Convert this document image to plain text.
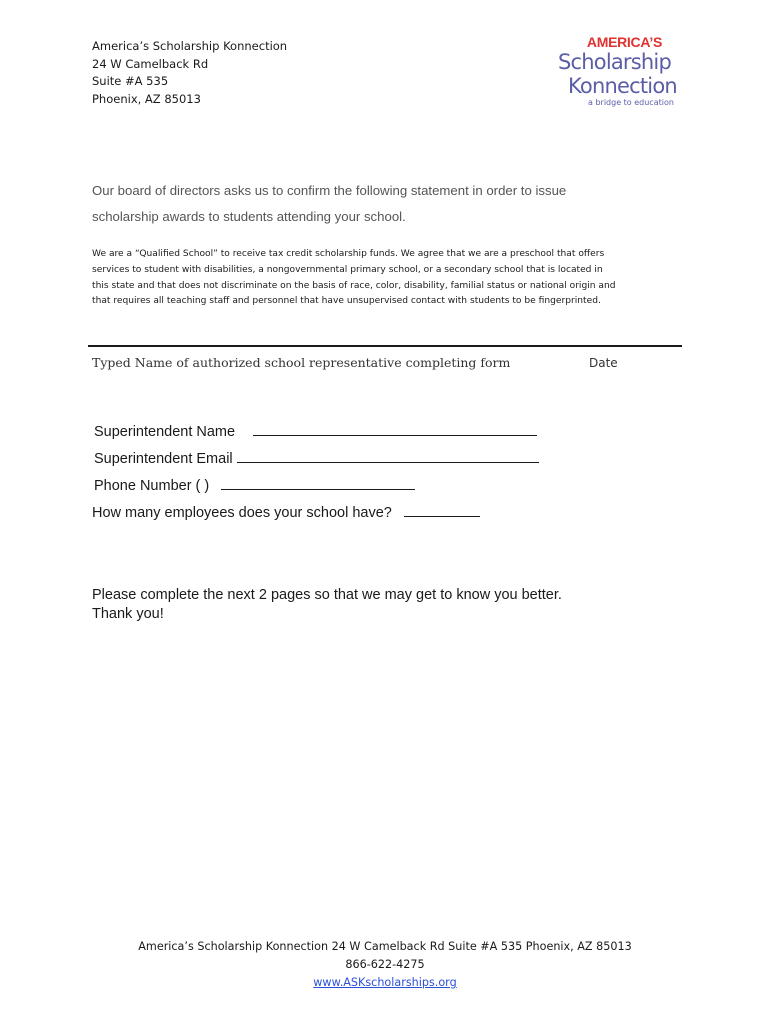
America’s Scholarship Konnection
24 W Camelback Rd
Suite #A 535
Phoenix, AZ 85013
AMERICA’S
Scholarship
Konnection
a bridge to education
Our board of directors asks us to confirm the following statement in order to issue
scholarship awards to students attending your school.
We are a “Qualified School” to receive tax credit scholarship funds. We agree that we are a preschool that offers
services to student with disabilities, a nongovernmental primary school, or a secondary school that is located in
this state and that does not discriminate on the basis of race, color, disability, familial status or national origin and
that requires all teaching staff and personnel that have unsupervised contact with students to be fingerprinted.
Typed Name of authorized school representative completing form	Date
Superintendent Name
Superintendent Email
Phone Number ( )
How many employees does your school have?
Please complete the next 2 pages so that we may get to know you better.
Thank you!
America’s Scholarship Konnection 24 W Camelback Rd Suite #A 535 Phoenix, AZ 85013
866-622-4275
www.ASKscholarships.org
